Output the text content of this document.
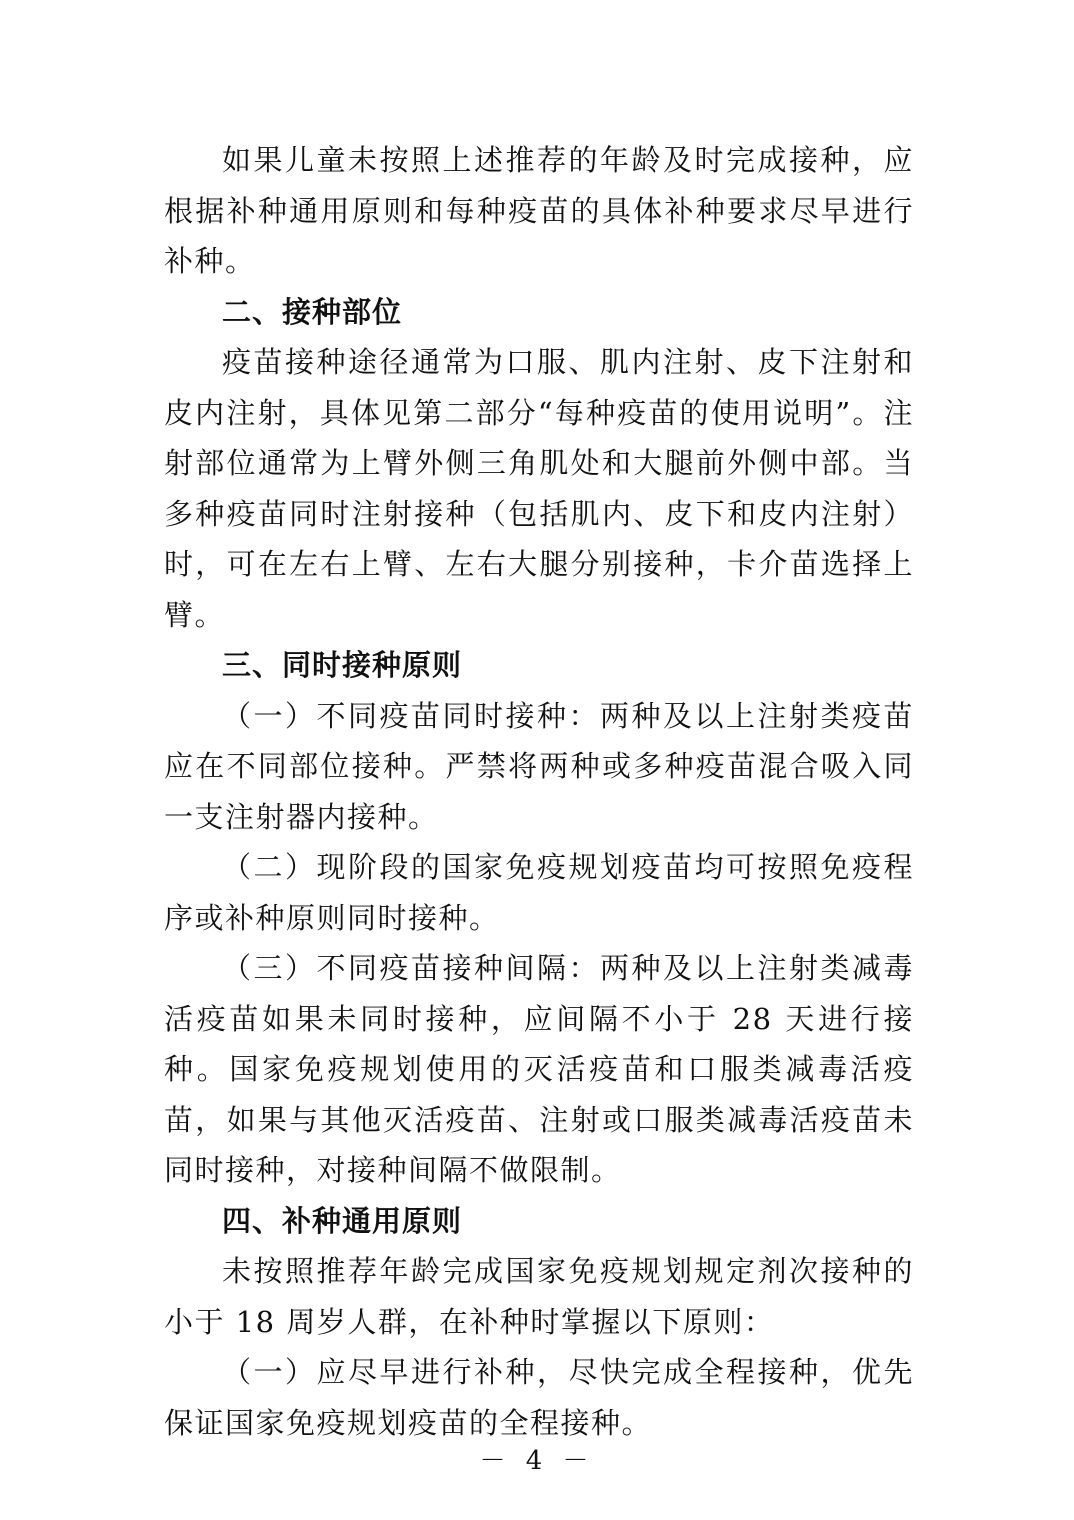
如果儿童未按照上述推荐的年龄及时完成接种，应根据补种通用原则和每种疫苗的具体补种要求尽早进行补种。

二、接种部位

疫苗接种途径通常为口服、肌内注射、皮下注射和皮内注射，具体见第二部分“每种疫苗的使用说明”。注射部位通常为上臂外侧三角肌处和大腿前外侧中部。当多种疫苗同时注射接种（包括肌内、皮下和皮内注射）时，可在左右上臂、左右大腿分别接种，卡介苗选择上臂。

三、同时接种原则

（一）不同疫苗同时接种：两种及以上注射类疫苗应在不同部位接种。严禁将两种或多种疫苗混合吸入同一支注射器内接种。

（二）现阶段的国家免疫规划疫苗均可按照免疫程序或补种原则同时接种。

（三）不同疫苗接种间隔：两种及以上注射类减毒活疫苗如果未同时接种，应间隔不小于 28 天进行接种。国家免疫规划使用的灭活疫苗和口服类减毒活疫苗，如果与其他灭活疫苗、注射或口服类减毒活疫苗未同时接种，对接种间隔不做限制。

四、补种通用原则

未按照推荐年龄完成国家免疫规划规定剂次接种的小于 18 周岁人群，在补种时掌握以下原则：

（一）应尽早进行补种，尽快完成全程接种，优先保证国家免疫规划疫苗的全程接种。

－ 4 －
